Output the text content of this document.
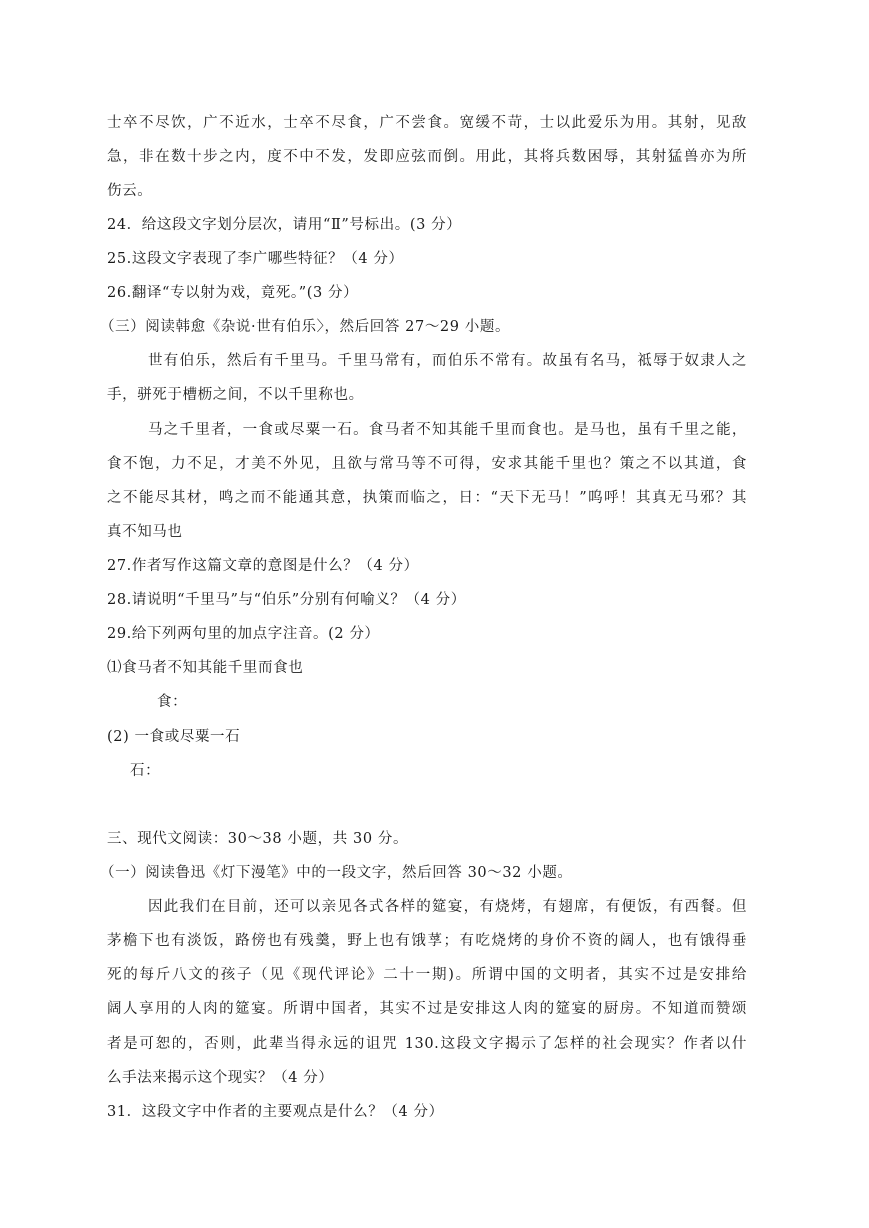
士卒不尽饮，广不近水，士卒不尽食，广不尝食。宽缓不苛，士以此爱乐为用。其射，见敌
急，非在数十步之内，度不中不发，发即应弦而倒。用此，其将兵数困辱，其射猛兽亦为所
伤云。
24．给这段文字划分层次，请用“Ⅱ”号标出。(3 分）
25.这段文字表现了李广哪些特征？（4 分）
26.翻译“专以射为戏，竟死。”(3 分）
（三）阅读韩愈《杂说·世有伯乐〉，然后回答 27～29 小题。
世有伯乐，然后有千里马。千里马常有，而伯乐不常有。故虽有名马，祗辱于奴隶人之
手，骈死于槽枥之间，不以千里称也。
马之千里者，一食或尽粟一石。食马者不知其能千里而食也。是马也，虽有千里之能，
食不饱，力不足，才美不外见，且欲与常马等不可得，安求其能千里也？策之不以其道，食
之不能尽其材，鸣之而不能通其意，执策而临之，日：“天下无马！”呜呼！其真无马邪？其
真不知马也
27.作者写作这篇文章的意图是什么？（4 分）
28.请说明“千里马”与“伯乐”分别有何喻义？（4 分）
29.给下列两句里的加点字注音。(2 分）
⑴食马者不知其能千里而食也
食：
(2) 一食或尽粟一石
石：
三、现代文阅读：30～38 小题，共 30 分。
（一）阅读鲁迅《灯下漫笔》中的一段文字，然后回答 30～32 小题。
因此我们在目前，还可以亲见各式各样的筵宴，有烧烤，有翅席，有便饭，有西餐。但
茅檐下也有淡饭，路傍也有残羹，野上也有饿莩；有吃烧烤的身价不资的阔人，也有饿得垂
死的每斤八文的孩子（见《现代评论》二十一期)。所谓中国的文明者，其实不过是安排给
阔人享用的人肉的筵宴。所谓中国者，其实不过是安排这人肉的筵宴的厨房。不知道而赞颂
者是可恕的，否则，此辈当得永远的诅咒 130.这段文字揭示了怎样的社会现实？作者以什
么手法来揭示这个现实？（4 分）
31．这段文字中作者的主要观点是什么？（4 分）
